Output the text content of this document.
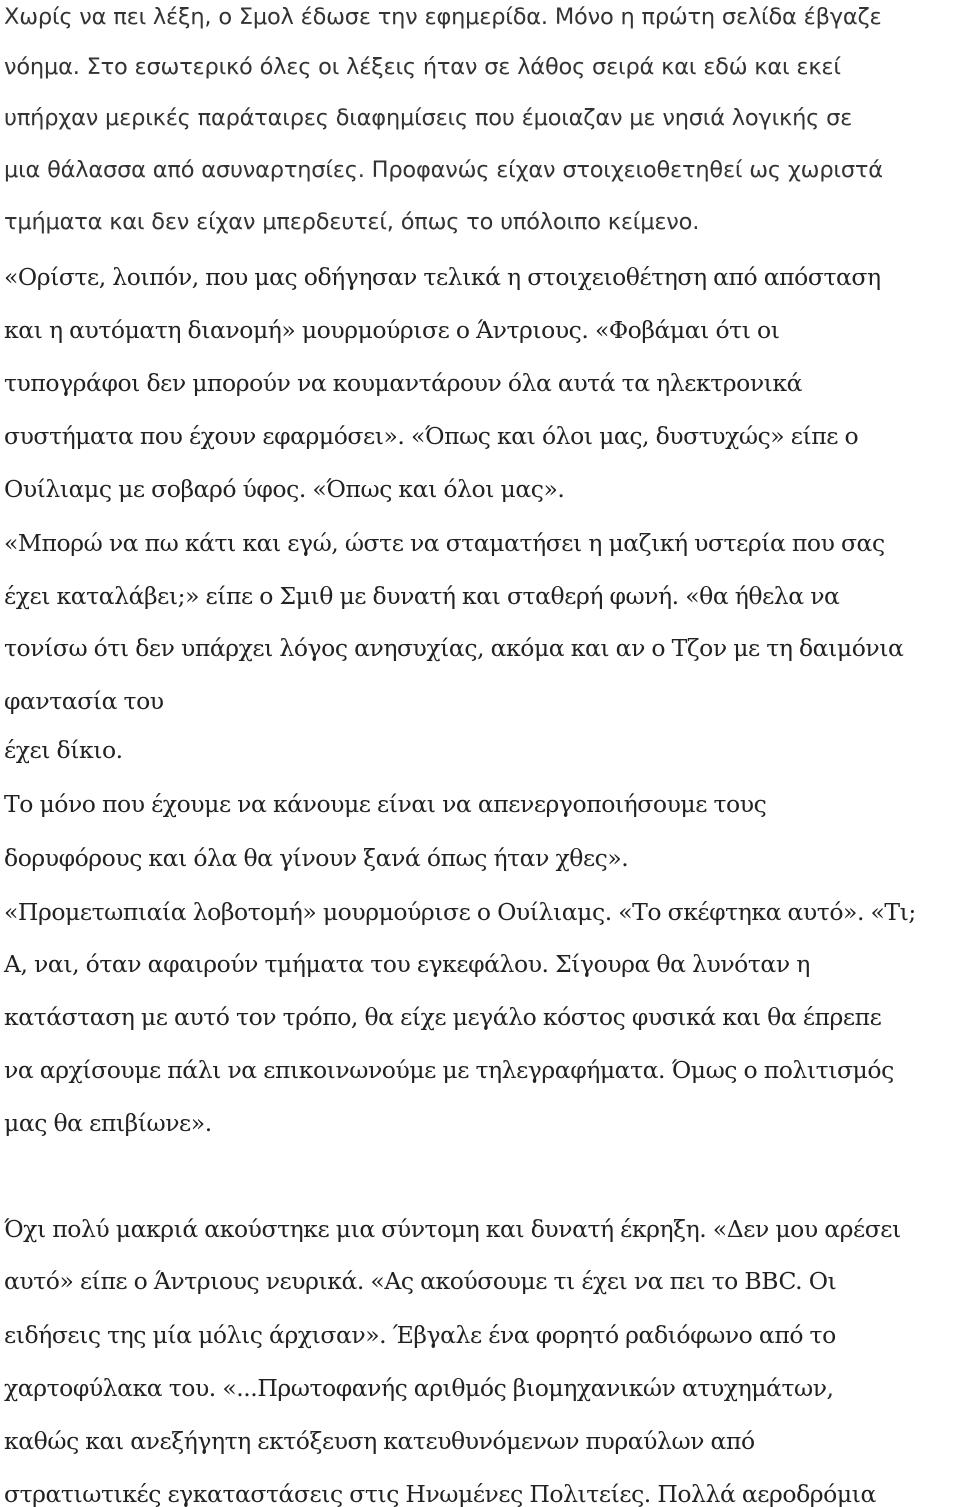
Χωρίς να πει λέξη, ο Σμολ έδωσε την εφημερίδα. Μόνο η πρώτη σελίδα έβγαζε
νόημα. Στο εσωτερικό όλες οι λέξεις ήταν σε λάθος σειρά και εδώ και εκεί
υπήρχαν μερικές παράταιρες διαφημίσεις που έμοιαζαν με νησιά λογικής σε
μια θάλασσα από ασυναρτησίες. Προφανώς είχαν στοιχειοθετηθεί ως χωριστά
τμήματα και δεν είχαν μπερδευτεί, όπως το υπόλοιπο κείμενο.
«Ορίστε, λοιπόν, που μας οδήγησαν τελικά η στοιχειοθέτηση από απόσταση
και η αυτόματη διανομή» μουρμούρισε ο Άντριους. «Φοβάμαι ότι οι
τυπογράφοι δεν μπορούν να κουμαντάρουν όλα αυτά τα ηλεκτρονικά
συστήματα που έχουν εφαρμόσει». «Όπως και όλοι μας, δυστυχώς» είπε ο
Ουίλιαμς με σοβαρό ύφος. «Όπως και όλοι μας».
«Μπορώ να πω κάτι και εγώ, ώστε να σταματήσει η μαζική υστερία που σας
έχει καταλάβει;» είπε ο Σμιθ με δυνατή και σταθερή φωνή. «θα ήθελα να
τονίσω ότι δεν υπάρχει λόγος ανησυχίας, ακόμα και αν ο Τζον με τη δαιμόνια
φαντασία του
έχει δίκιο.
Το μόνο που έχουμε να κάνουμε είναι να απενεργοποιήσουμε τους
δορυφόρους και όλα θα γίνουν ξανά όπως ήταν χθες».
«Προμετωπιαία λοβοτομή» μουρμούρισε ο Ουίλιαμς. «Το σκέφτηκα αυτό». «Τι;
Α, ναι, όταν αφαιρούν τμήματα του εγκεφάλου. Σίγουρα θα λυνόταν η
κατάσταση με αυτό τον τρόπο, θα είχε μεγάλο κόστος φυσικά και θα έπρεπε
να αρχίσουμε πάλι να επικοινωνούμε με τηλεγραφήματα. Όμως ο πολιτισμός
μας θα επιβίωνε».
Όχι πολύ μακριά ακούστηκε μια σύντομη και δυνατή έκρηξη. «Δεν μου αρέσει
αυτό» είπε ο Άντριους νευρικά. «Ας ακούσουμε τι έχει να πει το BBC. Οι
ειδήσεις της μία μόλις άρχισαν». Έβγαλε ένα φορητό ραδιόφωνο από το
χαρτοφύλακα του. «...Πρωτοφανής αριθμός βιομηχανικών ατυχημάτων,
καθώς και ανεξήγητη εκτόξευση κατευθυνόμενων πυραύλων από
στρατιωτικές εγκαταστάσεις στις Ηνωμένες Πολιτείες. Πολλά αεροδρόμια
